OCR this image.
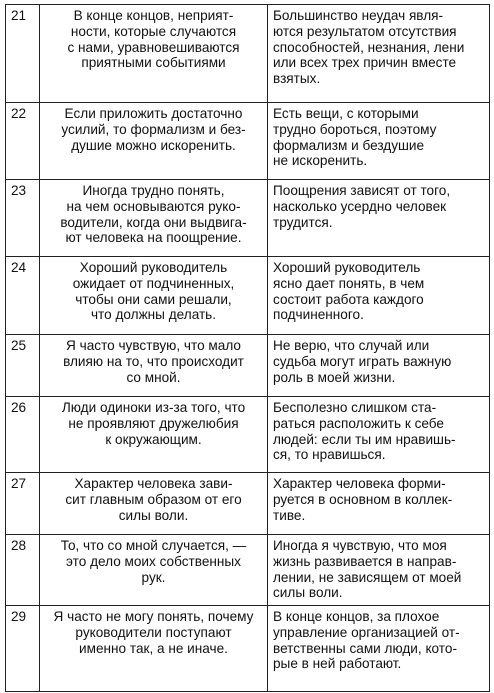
21	В конце концов, неприят-
ности, которые случаются
с нами, уравновешиваются
приятными событиями	Большинство неудач явля-
ются результатом отсутствия
способностей, незнания, лени
или всех трех причин вместе
взятых.

22	Если приложить достаточно
усилий, то формализм и без-
душие можно искоренить.	Есть вещи, с которыми
трудно бороться, поэтому
формализм и бездушие
не искоренить.

23	Иногда трудно понять,
на чем основываются руко-
водители, когда они выдвига-
ют человека на поощрение.	Поощрения зависят от того,
насколько усердно человек
трудится.

24	Хороший руководитель
ожидает от подчиненных,
чтобы они сами решали,
что должны делать.	Хороший руководитель
ясно дает понять, в чем
состоит работа каждого
подчиненного.

25	Я часто чувствую, что мало
влияю на то, что происходит
со мной.	Не верю, что случай или
судьба могут играть важную
роль в моей жизни.

26	Люди одиноки из-за того, что
не проявляют дружелюбия
к окружающим.	Бесполезно слишком ста-
раться расположить к себе
людей: если ты им нравишь-
ся, то нравишься.

27	Характер человека зави-
сит главным образом от его
силы воли.	Характер человека форми-
руется в основном в коллек-
тиве.

28	То, что со мной случается, —
это дело моих собственных
рук.	Иногда я чувствую, что моя
жизнь развивается в направ-
лении, не зависящем от моей
силы воли.

29	Я часто не могу понять, почему руководители поступают
именно так, а не иначе.	В конце концов, за плохое
управление организацией от-
ветственны сами люди, кото-
рые в ней работают.
